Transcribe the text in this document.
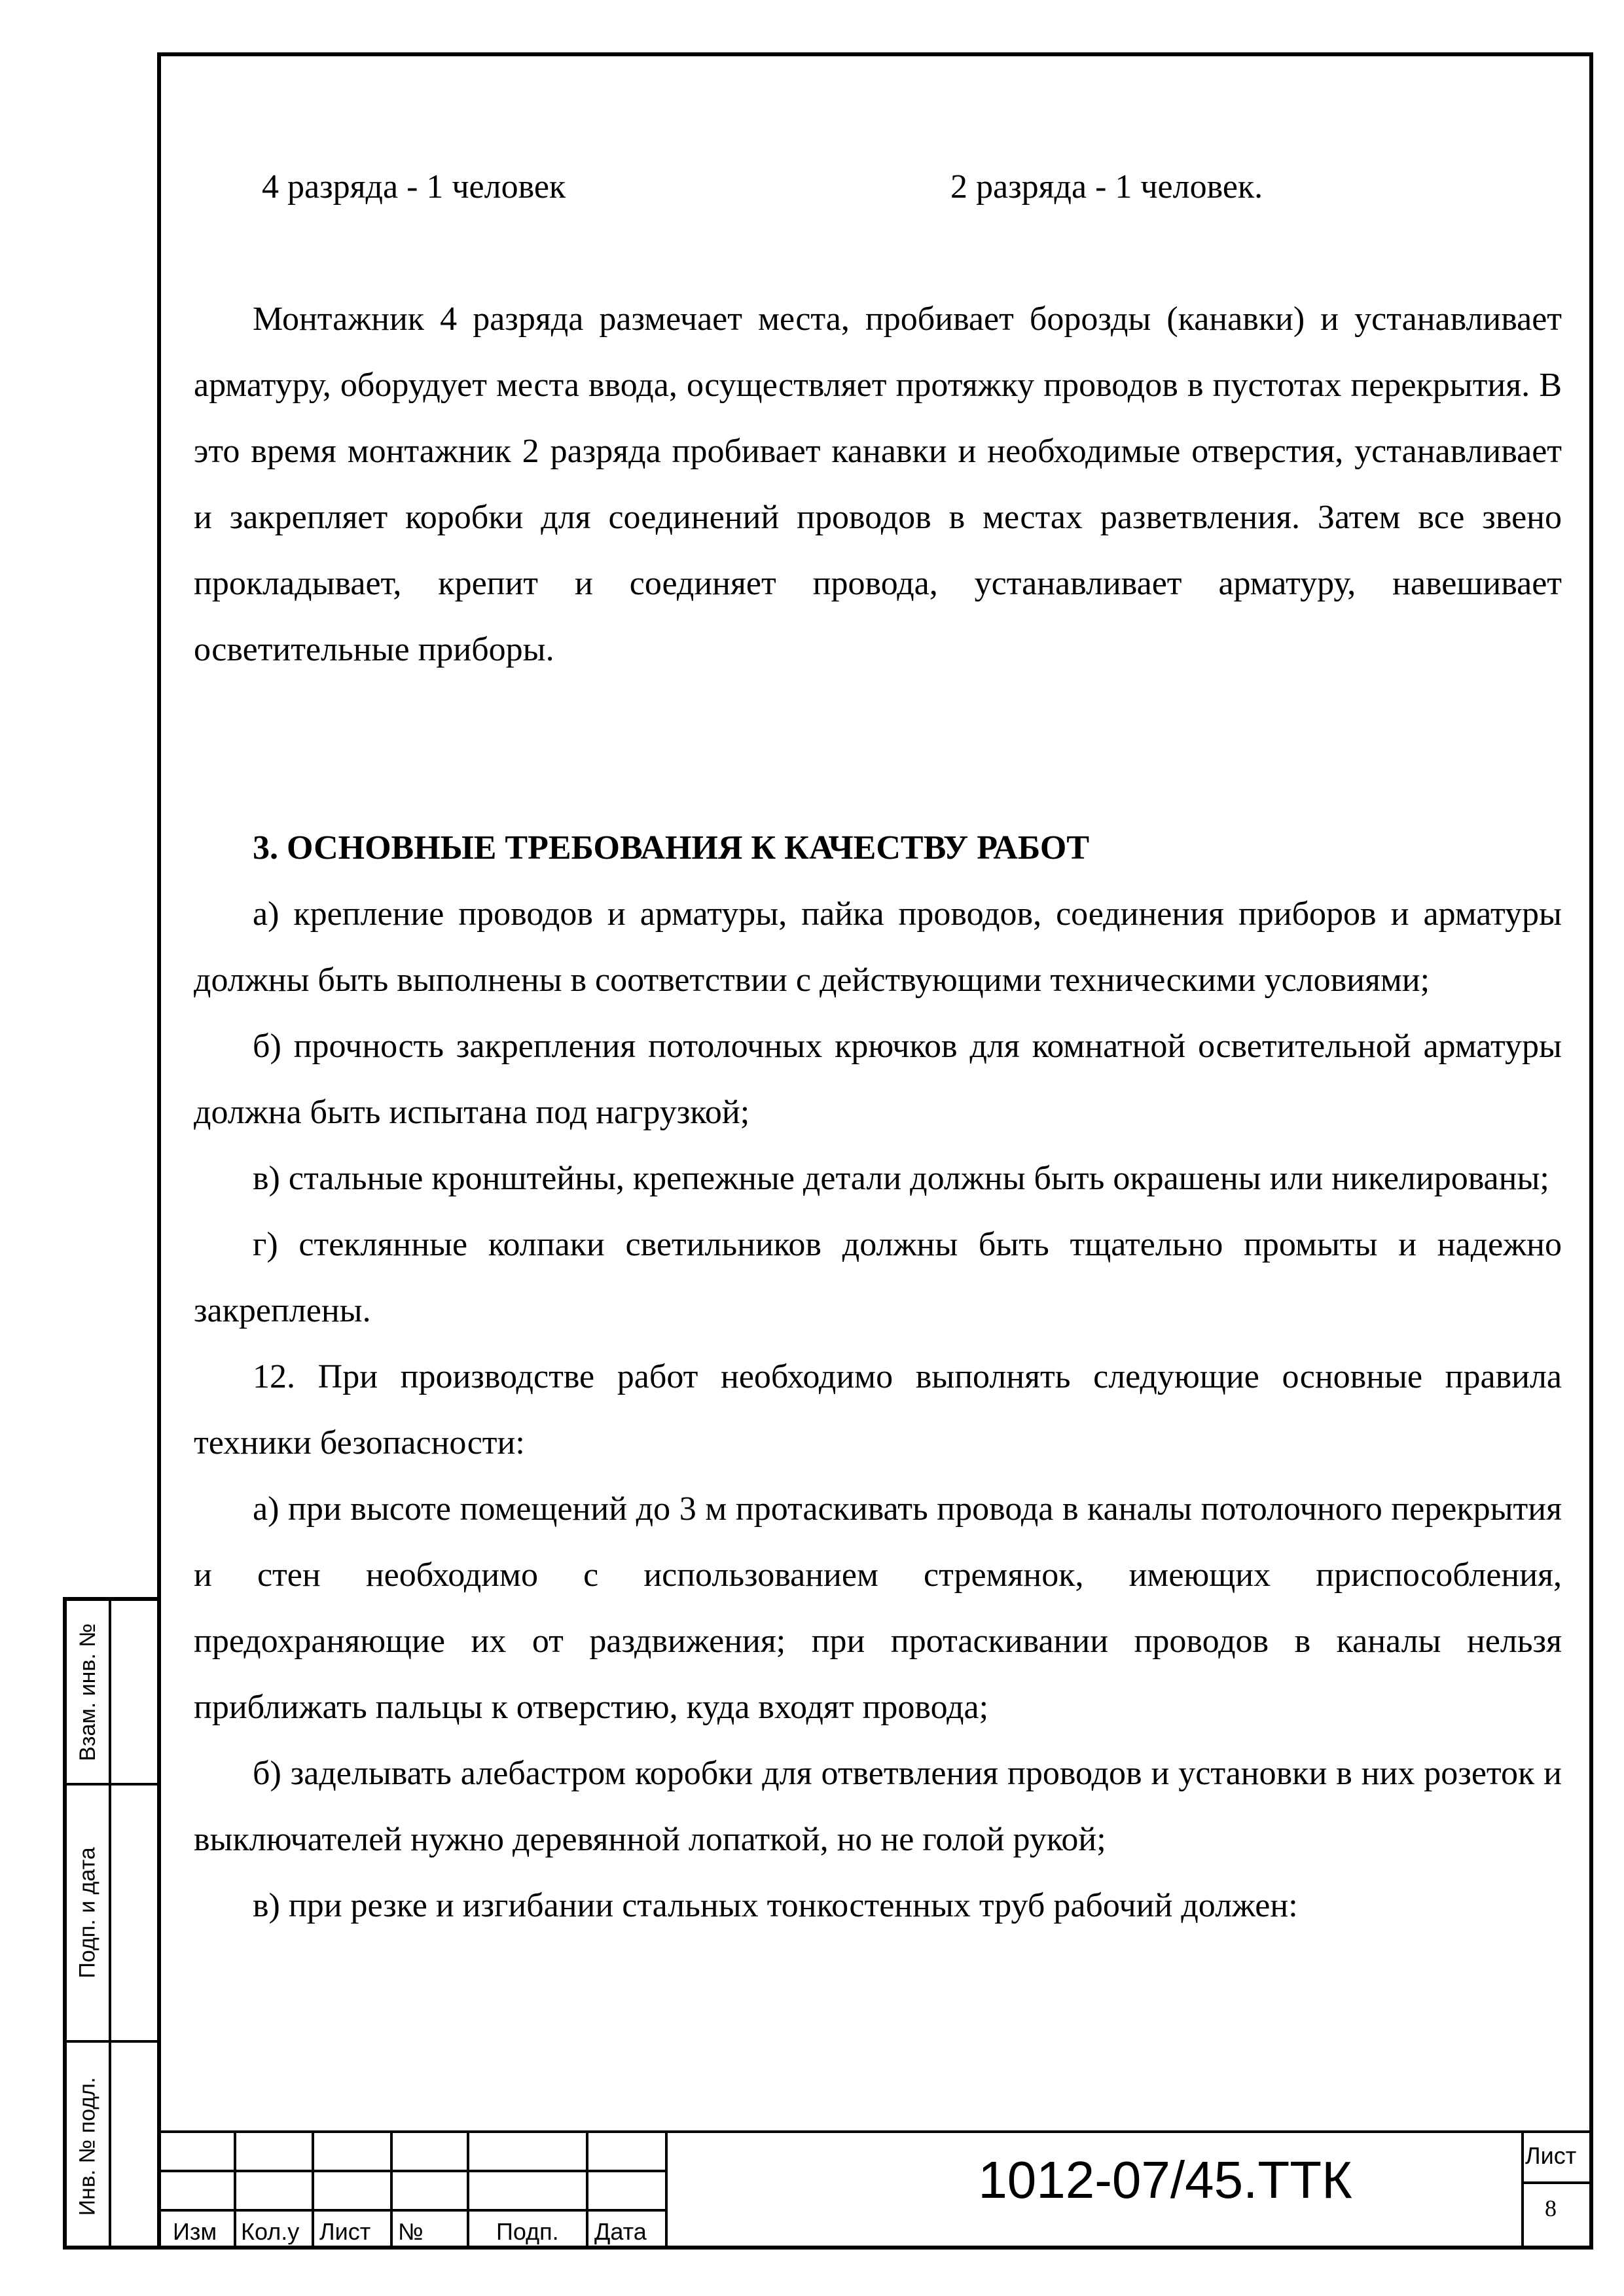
4 разряда - 1 человек	2 разряда - 1 человек.

Монтажник 4 разряда размечает места, пробивает борозды (канавки) и устанавливает арматуру, оборудует места ввода, осуществляет протяжку проводов в пустотах перекрытия. В это время монтажник 2 разряда пробивает канавки и необходимые отверстия, устанавливает и закрепляет коробки для соединений проводов в местах разветвления. Затем все звено прокладывает, крепит и соединяет провода, устанавливает арматуру, навешивает осветительные приборы.

3. ОСНОВНЫЕ ТРЕБОВАНИЯ К КАЧЕСТВУ РАБОТ

а) крепление проводов и арматуры, пайка проводов, соединения приборов и арматуры должны быть выполнены в соответствии с действующими техническими условиями;

б) прочность закрепления потолочных крючков для комнатной осветительной арматуры должна быть испытана под нагрузкой;

в) стальные кронштейны, крепежные детали должны быть окрашены или никелированы;

г) стеклянные колпаки светильников должны быть тщательно промыты и надежно закреплены.

12. При производстве работ необходимо выполнять следующие основные правила техники безопасности:

а) при высоте помещений до 3 м протаскивать провода в каналы потолочного перекрытия и стен необходимо с использованием стремянок, имеющих приспособления, предохраняющие их от раздвижения; при протаскивании проводов в каналы нельзя приближать пальцы к отверстию, куда входят провода;

б) заделывать алебастром коробки для ответвления проводов и установки в них розеток и выключателей нужно деревянной лопаткой, но не голой рукой;

в) при резке и изгибании стальных тонкостенных труб рабочий должен:

Взам. инв. №
Подп. и дата
Инв. № подл.
Изм Кол.у Лист №	Подп. Дата
1012-07/45.ТТК	Лист
8
